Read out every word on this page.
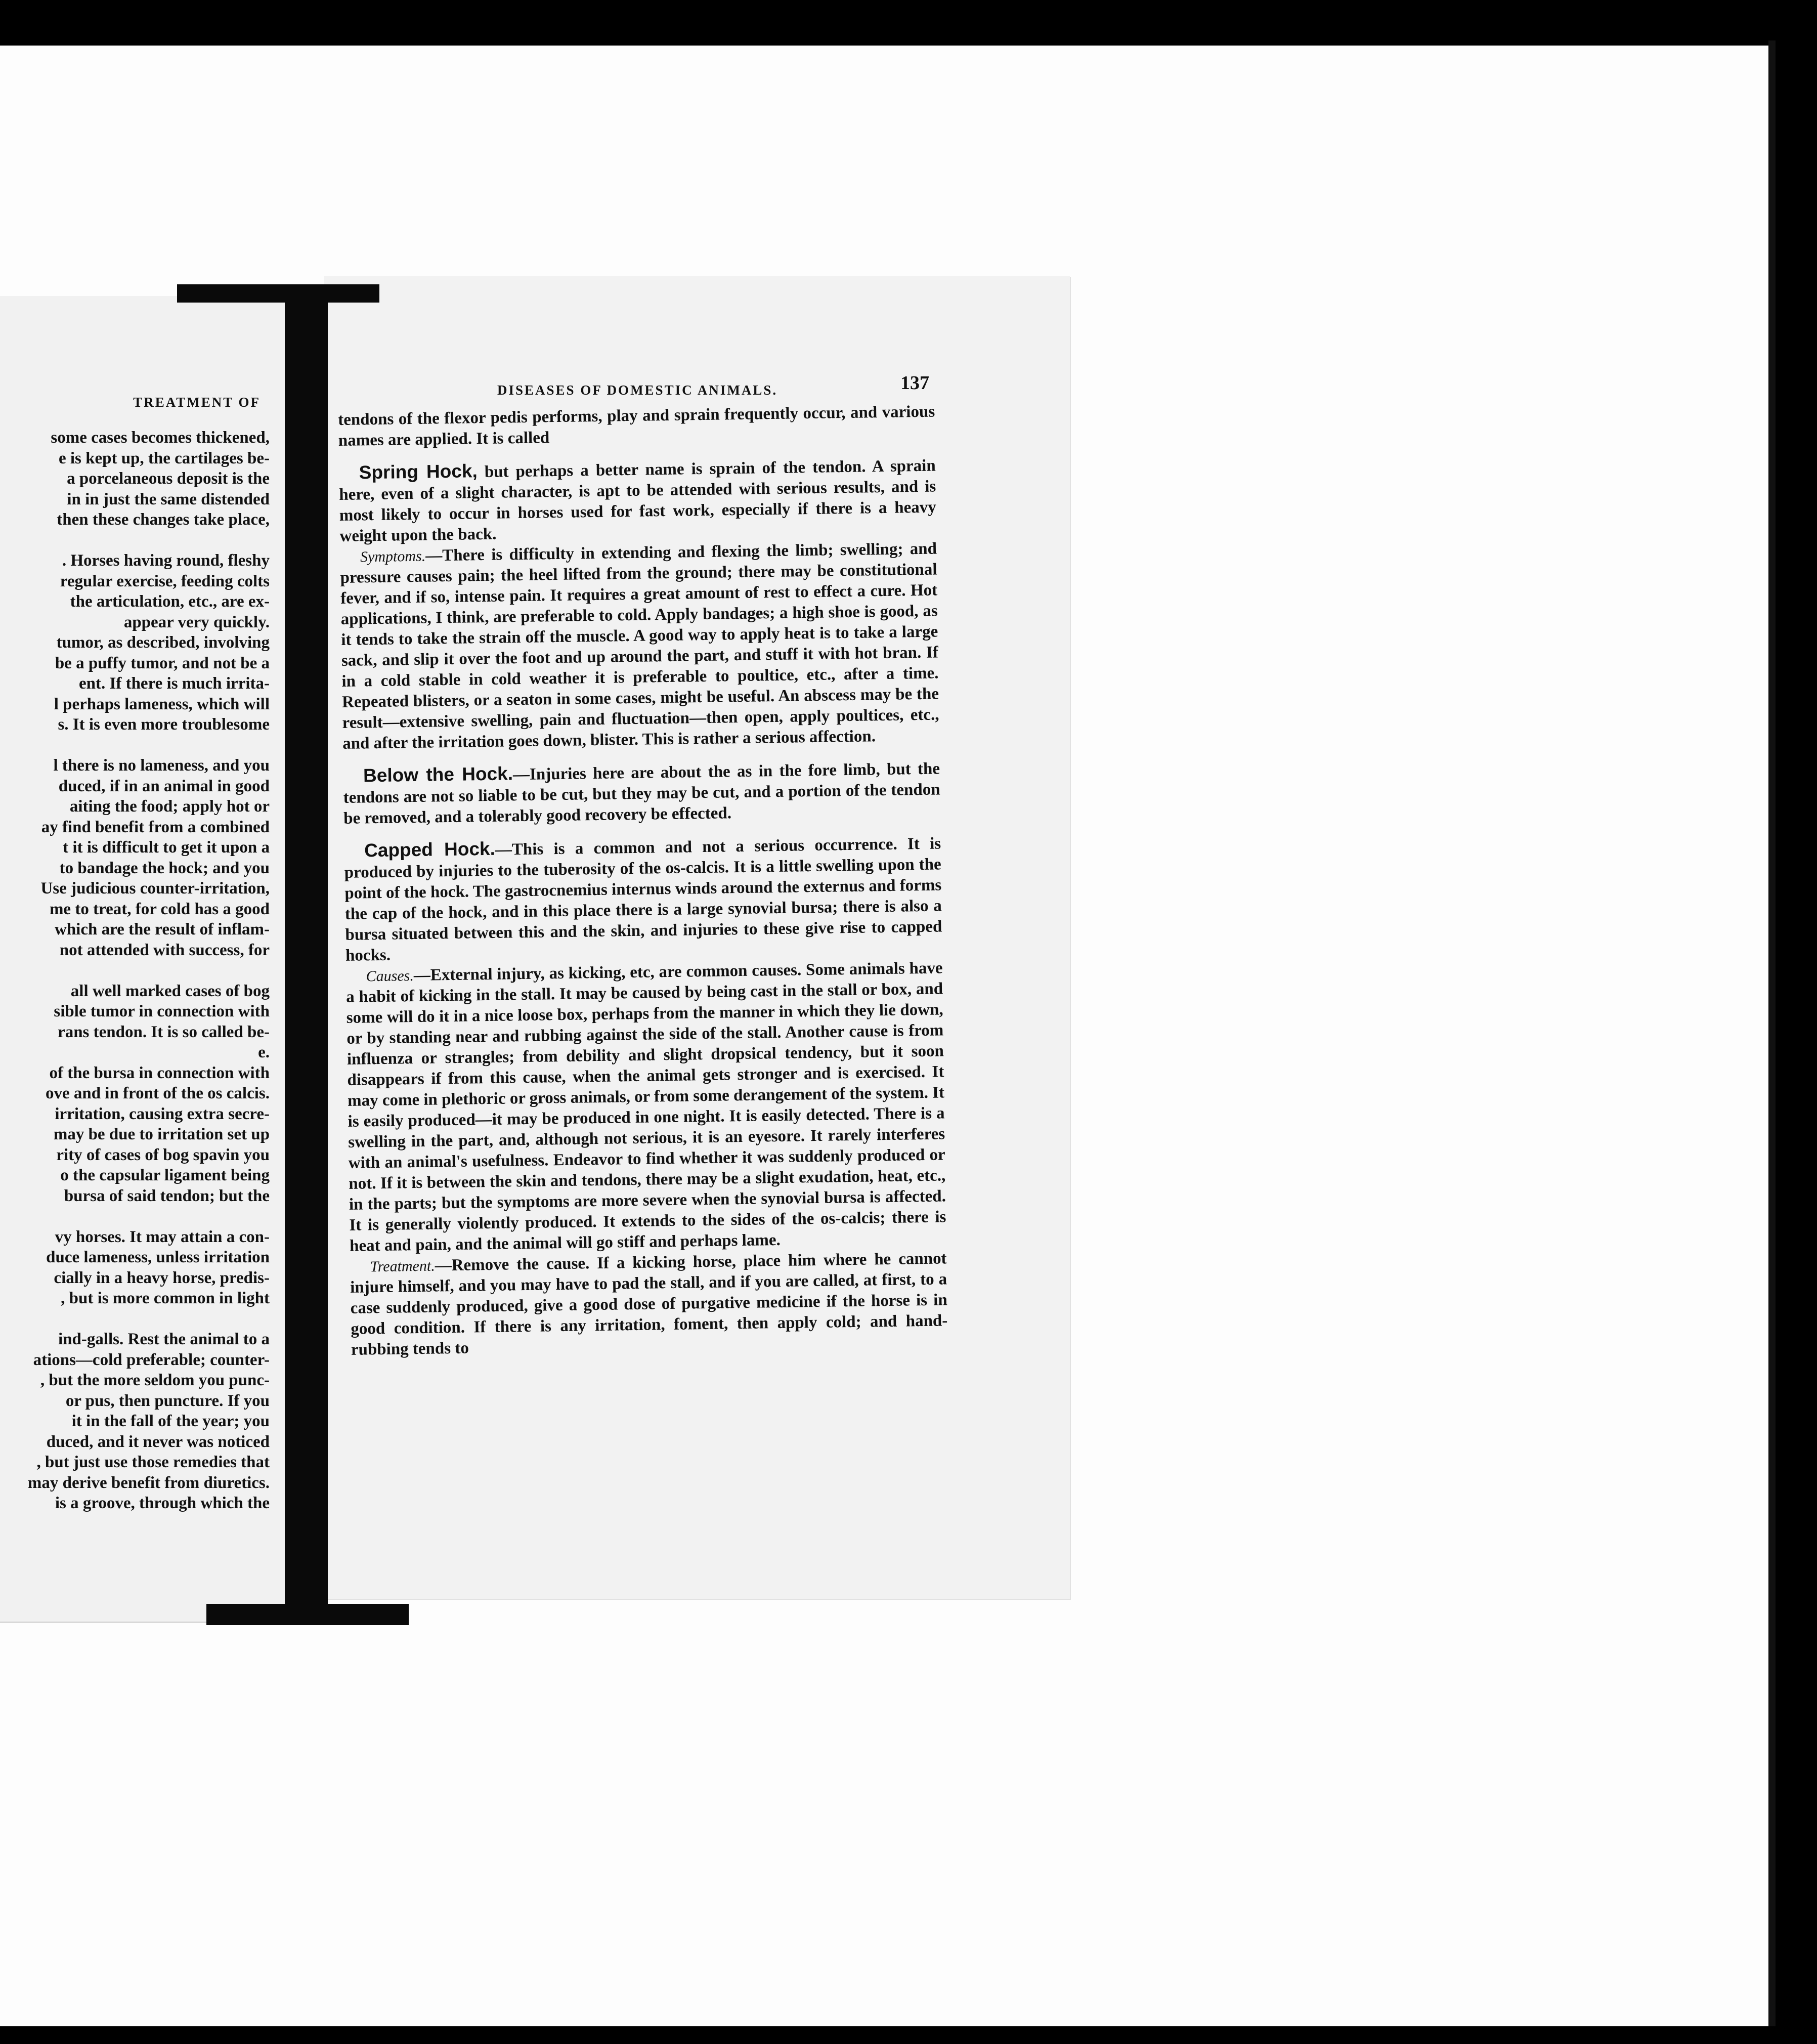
TREATMENT OF
some cases becomes thickened,
e is kept up, the cartilages be-
a porcelaneous deposit is the
in in just the same distended
then these changes take place,
. Horses having round, fleshy
regular exercise, feeding colts
the articulation, etc., are ex-
appear very quickly.
tumor, as described, involving
be a puffy tumor, and not be a
ent. If there is much irrita-
l perhaps lameness, which will
s. It is even more troublesome
l there is no lameness, and you
duced, if in an animal in good
aiting the food; apply hot or
ay find benefit from a combined
t it is difficult to get it upon a
to bandage the hock; and you
Use judicious counter-irritation,
me to treat, for cold has a good
which are the result of inflam-
not attended with success, for
all well marked cases of bog
sible tumor in connection with
rans tendon. It is so called be-
e.
of the bursa in connection with
ove and in front of the os calcis.
irritation, causing extra secre-
may be due to irritation set up
rity of cases of bog spavin you
o the capsular ligament being
bursa of said tendon; but the
vy horses. It may attain a con-
duce lameness, unless irritation
cially in a heavy horse, predis-
, but is more common in light
ind-galls. Rest the animal to a
ations—cold preferable; counter-
, but the more seldom you punc-
or pus, then puncture. If you
it in the fall of the year; you
duced, and it never was noticed
, but just use those remedies that
may derive benefit from diuretics.
is a groove, through which the
DISEASES OF DOMESTIC ANIMALS.	137

tendons of the flexor pedis performs, play and sprain frequently occur, and various names are applied. It is called

Spring Hock, but perhaps a better name is sprain of the tendon. A sprain here, even of a slight character, is apt to be attended with serious results, and is most likely to occur in horses used for fast work, especially if there is a heavy weight upon the back.

Symptoms.—There is difficulty in extending and flexing the limb; swelling; and pressure causes pain; the heel lifted from the ground; there may be constitutional fever, and if so, intense pain. It requires a great amount of rest to effect a cure. Hot applications, I think, are preferable to cold. Apply bandages; a high shoe is good, as it tends to take the strain off the muscle. A good way to apply heat is to take a large sack, and slip it over the foot and up around the part, and stuff it with hot bran. If in a cold stable in cold weather it is preferable to poultice, etc., after a time. Repeated blisters, or a seaton in some cases, might be useful. An abscess may be the result—extensive swelling, pain and fluctuation—then open, apply poultices, etc., and after the irritation goes down, blister. This is rather a serious affection.

Below the Hock.—Injuries here are about the as in the fore limb, but the tendons are not so liable to be cut, but they may be cut, and a portion of the tendon be removed, and a tolerably good recovery be effected.

Capped Hock.—This is a common and not a serious occurrence. It is produced by injuries to the tuberosity of the os-calcis. It is a little swelling upon the point of the hock. The gastrocnemius internus winds around the externus and forms the cap of the hock, and in this place there is a large synovial bursa; there is also a bursa situated between this and the skin, and injuries to these give rise to capped hocks.

Causes.—External injury, as kicking, etc, are common causes. Some animals have a habit of kicking in the stall. It may be caused by being cast in the stall or box, and some will do it in a nice loose box, perhaps from the manner in which they lie down, or by standing near and rubbing against the side of the stall. Another cause is from influenza or strangles; from debility and slight dropsical tendency, but it soon disappears if from this cause, when the animal gets stronger and is exercised. It may come in plethoric or gross animals, or from some derangement of the system. It is easily produced—it may be produced in one night. It is easily detected. There is a swelling in the part, and, although not serious, it is an eyesore. It rarely interferes with an animal's usefulness. Endeavor to find whether it was suddenly produced or not. If it is between the skin and tendons, there may be a slight exudation, heat, etc., in the parts; but the symptoms are more severe when the synovial bursa is affected. It is generally violently produced. It extends to the sides of the os-calcis; there is heat and pain, and the animal will go stiff and perhaps lame.

Treatment.—Remove the cause. If a kicking horse, place him where he cannot injure himself, and you may have to pad the stall, and if you are called, at first, to a case suddenly produced, give a good dose of purgative medicine if the horse is in good condition. If there is any irritation, foment, then apply cold; and hand-rubbing tends to
